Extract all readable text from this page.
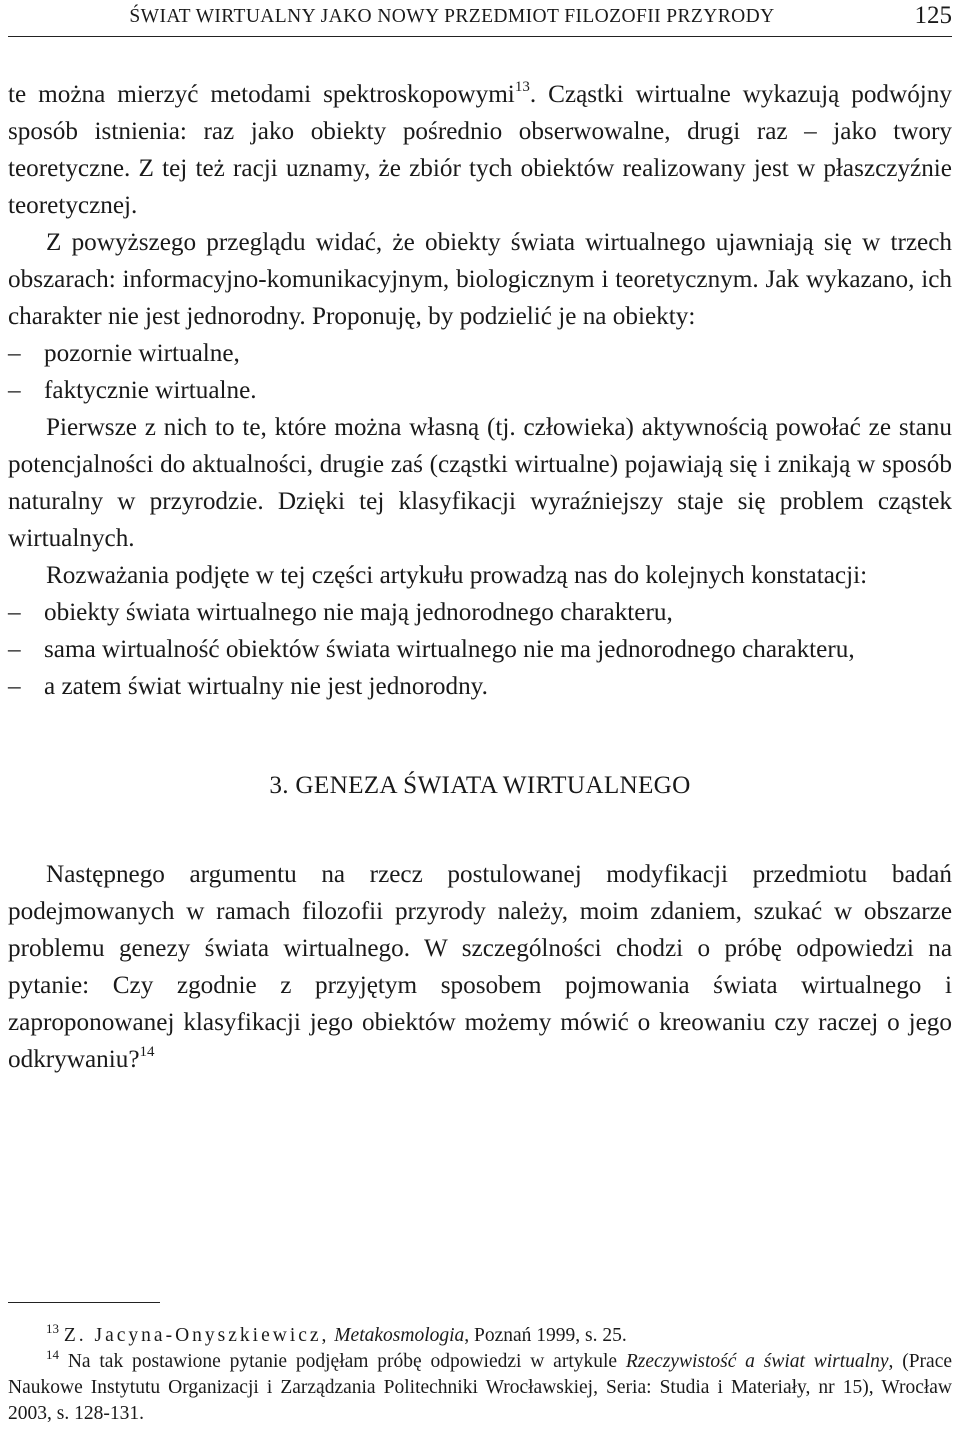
ŚWIAT WIRTUALNY JAKO NOWY PRZEDMIOT FILOZOFII PRZYRODY	125

te można mierzyć metodami spektroskopowymi$^{13}$. Cząstki wirtualne wykazują podwójny sposób istnienia: raz jako obiekty pośrednio obserwowalne, drugi raz – jako twory teoretyczne. Z tej też racji uznamy, że zbiór tych obiektów realizowany jest w płaszczyźnie teoretycznej.

Z powyższego przeglądu widać, że obiekty świata wirtualnego ujawniają się w trzech obszarach: informacyjno-komunikacyjnym, biologicznym i teoretycznym. Jak wykazano, ich charakter nie jest jednorodny. Proponuję, by podzielić je na obiekty:

– pozornie wirtualne,
– faktycznie wirtualne.

Pierwsze z nich to te, które można własną (tj. człowieka) aktywnością powołać ze stanu potencjalności do aktualności, drugie zaś (cząstki wirtualne) pojawiają się i znikają w sposób naturalny w przyrodzie. Dzięki tej klasyfikacji wyraźniejszy staje się problem cząstek wirtualnych.

Rozważania podjęte w tej części artykułu prowadzą nas do kolejnych konstatacji:

– obiekty świata wirtualnego nie mają jednorodnego charakteru,
– sama wirtualność obiektów świata wirtualnego nie ma jednorodnego charakteru,
– a zatem świat wirtualny nie jest jednorodny.
3. GENEZA ŚWIATA WIRTUALNEGO

Następnego argumentu na rzecz postulowanej modyfikacji przedmiotu badań podejmowanych w ramach filozofii przyrody należy, moim zdaniem, szukać w obszarze problemu genezy świata wirtualnego. W szczególności chodzi o próbę odpowiedzi na pytanie: Czy zgodnie z przyjętym sposobem pojmowania świata wirtualnego i zaproponowanej klasyfikacji jego obiektów możemy mówić o kreowaniu czy raczej o jego odkrywaniu?$^{14}$

$^{13}$ Z. Jacyna-Onyszkiewicz, Metakosmologia, Poznań 1999, s. 25.
$^{14}$ Na tak postawione pytanie podjęłam próbę odpowiedzi w artykule Rzeczywistość a świat wirtualny, (Prace Naukowe Instytutu Organizacji i Zarządzania Politechniki Wrocławskiej, Seria: Studia i Materiały, nr 15), Wrocław 2003, s. 128-131.
